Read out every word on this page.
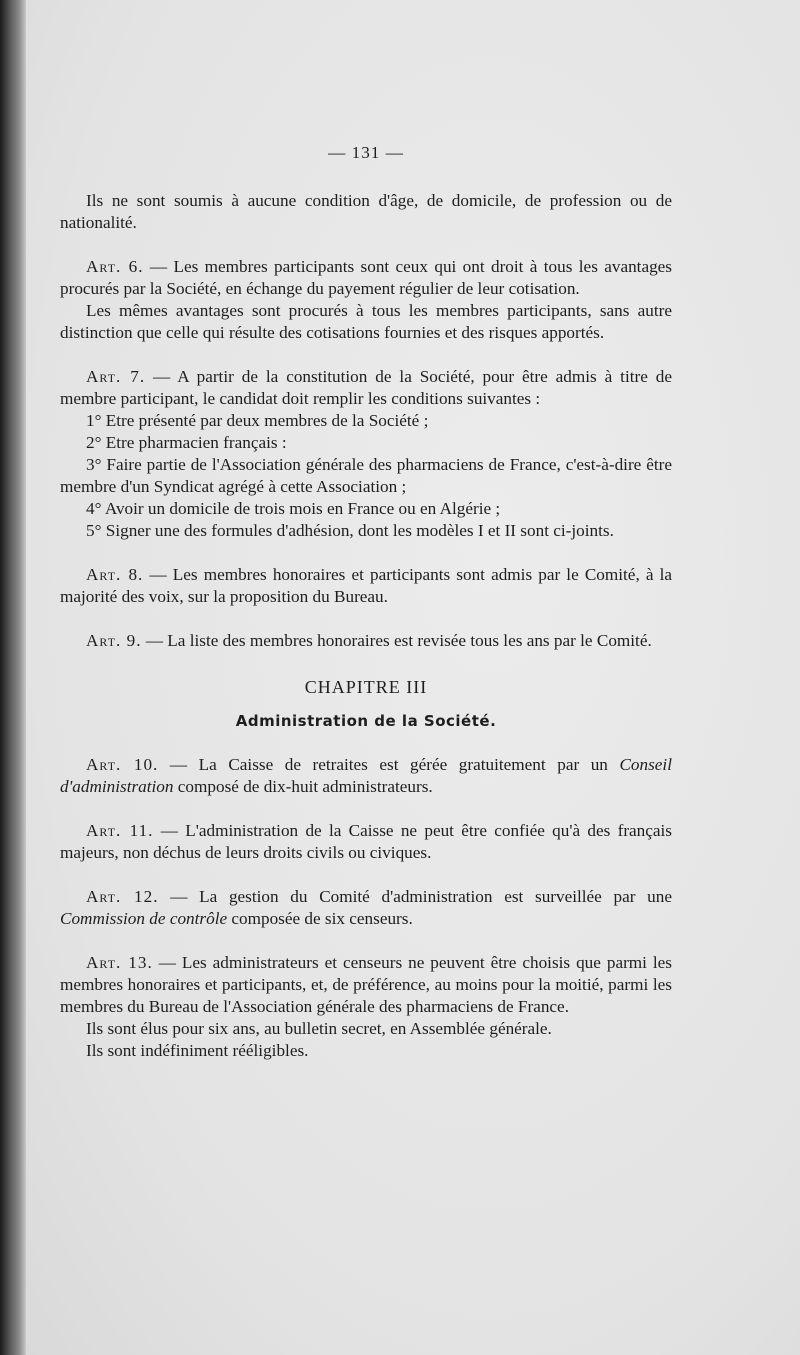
— 131 —

Ils ne sont soumis à aucune condition d'âge, de domicile, de profession ou de nationalité.

Art. 6. — Les membres participants sont ceux qui ont droit à tous les avantages procurés par la Société, en échange du payement régulier de leur cotisation.

Les mêmes avantages sont procurés à tous les membres participants, sans autre distinction que celle qui résulte des cotisations fournies et des risques apportés.

Art. 7. — A partir de la constitution de la Société, pour être admis à titre de membre participant, le candidat doit remplir les conditions suivantes :

1° Etre présenté par deux membres de la Société ;

2° Etre pharmacien français :

3° Faire partie de l'Association générale des pharmaciens de France, c'est-à-dire être membre d'un Syndicat agrégé à cette Association ;

4° Avoir un domicile de trois mois en France ou en Algérie ;

5° Signer une des formules d'adhésion, dont les modèles I et II sont ci-joints.

Art. 8. — Les membres honoraires et participants sont admis par le Comité, à la majorité des voix, sur la proposition du Bureau.

Art. 9. — La liste des membres honoraires est revisée tous les ans par le Comité.

CHAPITRE III
Administration de la Société.

Art. 10. — La Caisse de retraites est gérée gratuitement par un Conseil d'administration composé de dix-huit administrateurs.

Art. 11. — L'administration de la Caisse ne peut être confiée qu'à des français majeurs, non déchus de leurs droits civils ou civiques.

Art. 12. — La gestion du Comité d'administration est surveillée par une Commission de contrôle composée de six censeurs.

Art. 13. — Les administrateurs et censeurs ne peuvent être choisis que parmi les membres honoraires et participants, et, de préférence, au moins pour la moitié, parmi les membres du Bureau de l'Association générale des pharmaciens de France.

Ils sont élus pour six ans, au bulletin secret, en Assemblée générale.

Ils sont indéfiniment rééligibles.
